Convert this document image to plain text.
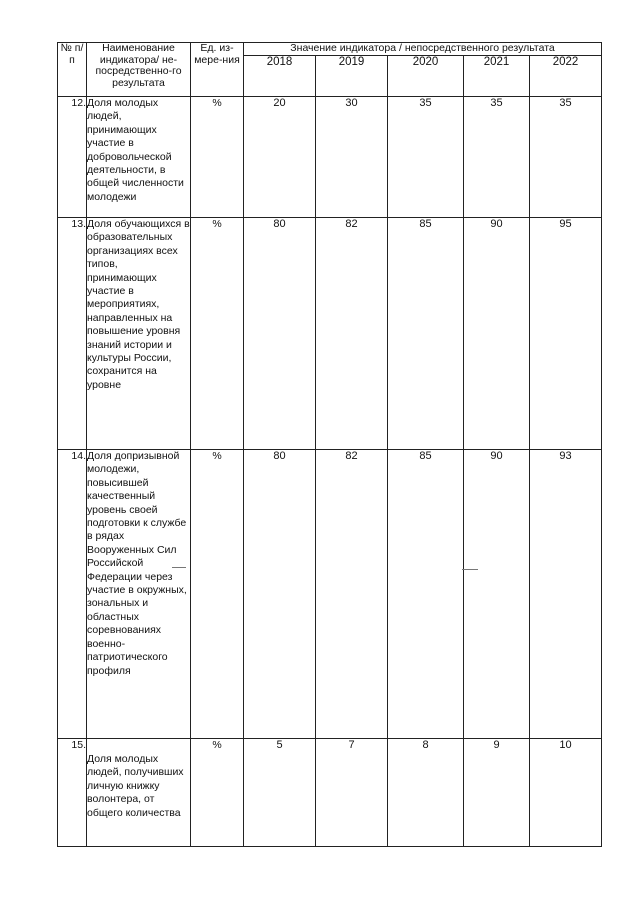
№ п/п	Наименование индикатора/ не-посредственно-го результата	Ед. из-мере-ния	Значение индикатора / непосредственного результата				
			2018	2019	2020	2021	2022
12.	Доля молодых людей, принимающих участие в добровольческой деятельности, в общей численности молодежи	%	20	30	35	35	35
13.	Доля обучающихся в образовательных организациях всех типов, принимающих участие в мероприятиях, направленных на повышение уровня знаний истории и культуры России, сохранится на уровне	%	80	82	85	90	95
14.	Доля допризывной молодежи, повысившей качественный уровень своей подготовки к службе в рядах Вооруженных Сил Российской Федерации через участие в окружных, зональных и областных соревнованиях военно-патриотического профиля	%	80	82	85	90	93
15.	Доля молодых людей, получивших личную книжку волонтера, от общего количества	%	5	7	8	9	10
